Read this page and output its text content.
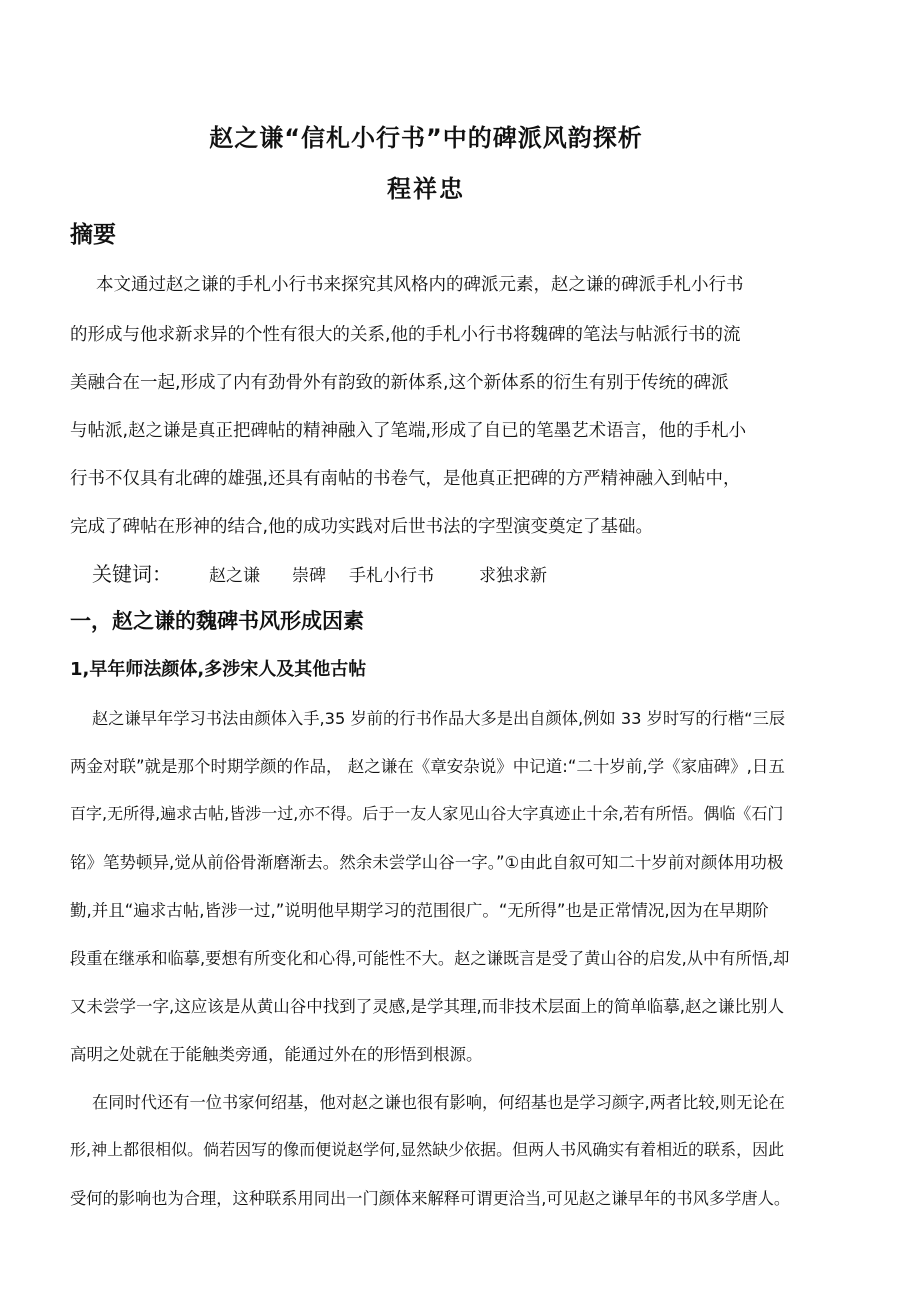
赵之谦“信札小行书”中的碑派风韵探析
程祥忠
摘要
本文通过赵之谦的手札小行书来探究其风格内的碑派元素，赵之谦的碑派手札小行书
的形成与他求新求异的个性有很大的关系,他的手札小行书将魏碑的笔法与帖派行书的流
美融合在一起,形成了内有劲骨外有韵致的新体系,这个新体系的衍生有别于传统的碑派
与帖派,赵之谦是真正把碑帖的精神融入了笔端,形成了自已的笔墨艺术语言，他的手札小
行书不仅具有北碑的雄强,还具有南帖的书卷气，是他真正把碑的方严精神融入到帖中，
完成了碑帖在形神的结合,他的成功实践对后世书法的字型演变奠定了基础。
关键词： 赵之谦 崇碑 手札小行书	求独求新
一，赵之谦的魏碑书风形成因素
1,早年师法颜体,多涉宋人及其他古帖
赵之谦早年学习书法由颜体入手,35 岁前的行书作品大多是出自颜体,例如 33 岁时写的行楷“三辰
两金对联”就是那个时期学颜的作品， 赵之谦在《章安杂说》中记道:“二十岁前,学《家庙碑》,日五
百字,无所得,遍求古帖,皆涉一过,亦不得。后于一友人家见山谷大字真迹止十余,若有所悟。偶临《石门
铭》笔势顿异,觉从前俗骨渐磨渐去。然余未尝学山谷一字。”①由此自叙可知二十岁前对颜体用功极
勤,并且“遍求古帖,皆涉一过,”说明他早期学习的范围很广。“无所得”也是正常情况,因为在早期阶
段重在继承和临摹,要想有所变化和心得,可能性不大。赵之谦既言是受了黄山谷的启发,从中有所悟,却
又未尝学一字,这应该是从黄山谷中找到了灵感,是学其理,而非技术层面上的简单临摹,赵之谦比别人
高明之处就在于能触类旁通，能通过外在的形悟到根源。
在同时代还有一位书家何绍基，他对赵之谦也很有影响，何绍基也是学习颜字,两者比较,则无论在
形,神上都很相似。倘若因写的像而便说赵学何,显然缺少依据。但两人书风确实有着相近的联系，因此
受何的影响也为合理，这种联系用同出一门颜体来解释可谓更洽当,可见赵之谦早年的书风多学唐人。
